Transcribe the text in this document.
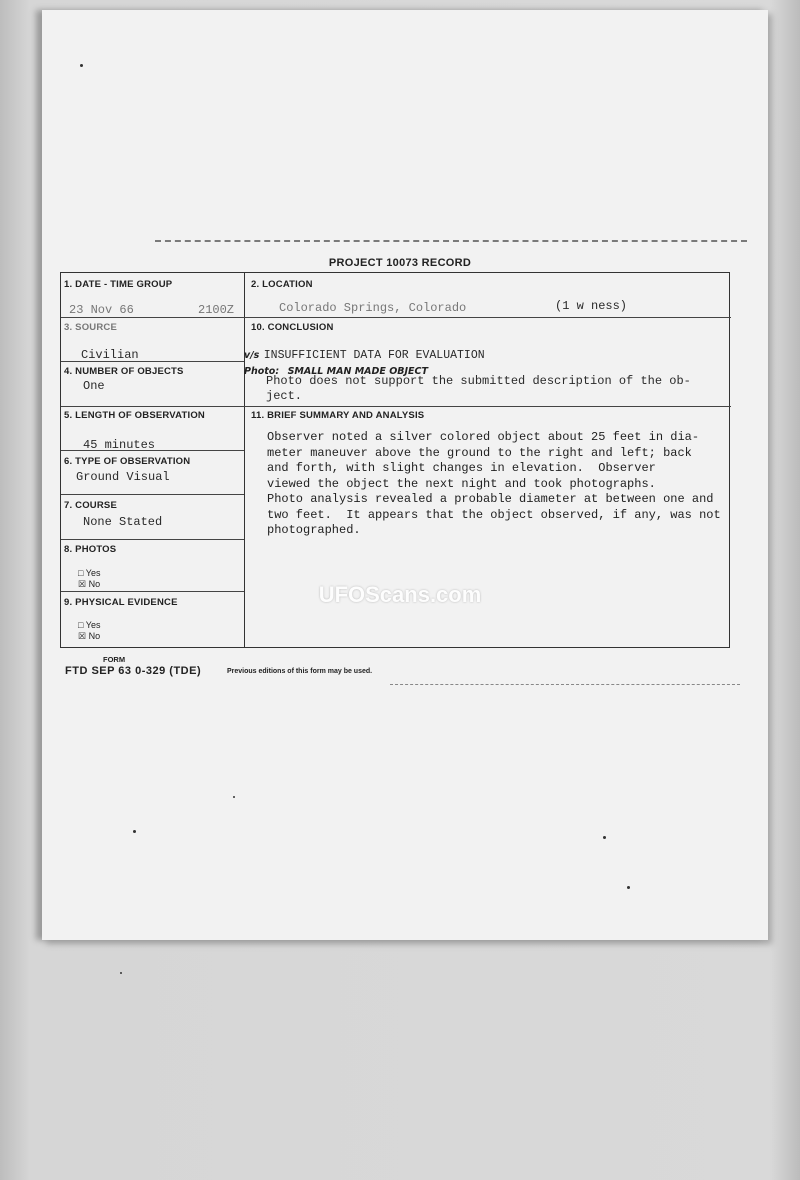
PROJECT 10073 RECORD
1. DATE - TIME GROUP
23 Nov 66	2100Z
2. LOCATION
Colorado Springs, Colorado	(1 w ness)
3. SOURCE
Civilian
4. NUMBER OF OBJECTS
One
5. LENGTH OF OBSERVATION
45 minutes
6. TYPE OF OBSERVATION
Ground Visual
7. COURSE
None Stated
8. PHOTOS
□ Yes
☒ No
9. PHYSICAL EVIDENCE
□ Yes
☒ No
10. CONCLUSION
v/s INSUFFICIENT DATA FOR EVALUATION
Photo: SMALL MAN MADE OBJECT
Photo does not support the submitted description of the ob-
ject.
11. BRIEF SUMMARY AND ANALYSIS

Observer noted a silver colored object about 25 feet in dia-

meter maneuver above the ground to the right and left; back

and forth, with slight changes in elevation.  Observer

viewed the object the next night and took photographs.

Photo analysis revealed a probable diameter at between one and

two feet.  It appears that the object observed, if any, was not

photographed.

UFOScans.com
FORM
FTD SEP 63 0-329 (TDE)	Previous editions of this form may be used.
